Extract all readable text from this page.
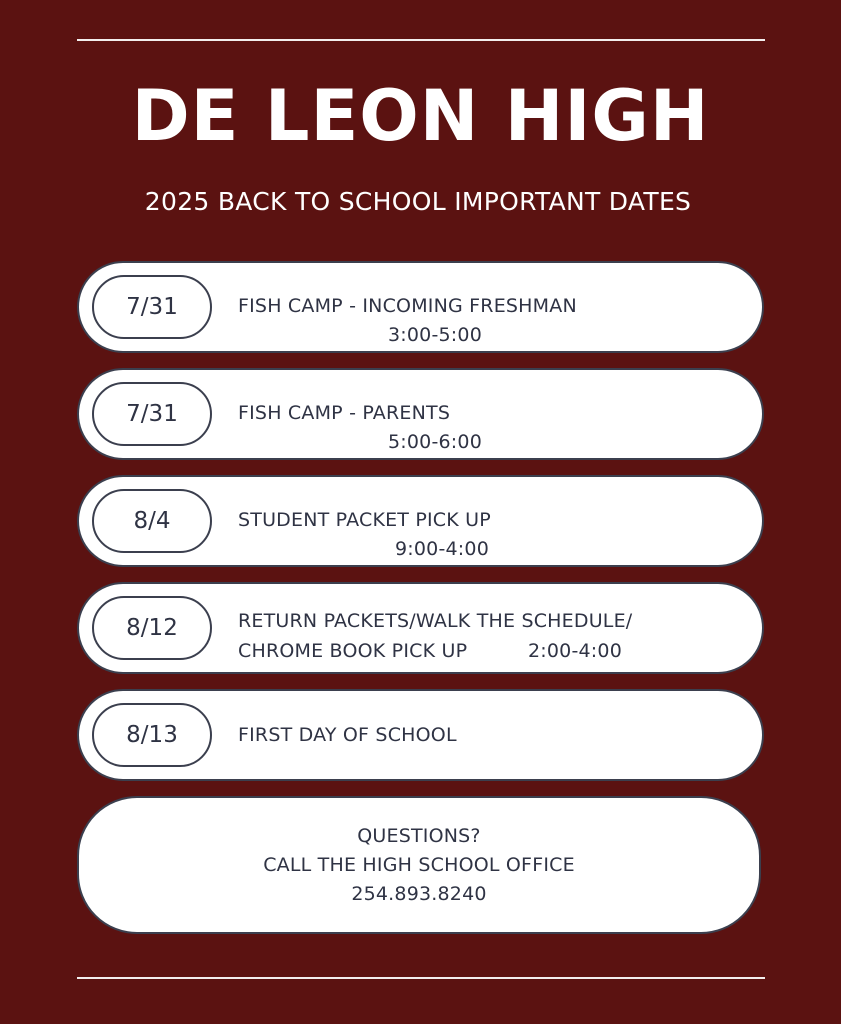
DE LEON HIGH
2025 BACK TO SCHOOL IMPORTANT DATES
7/31	FISH CAMP - INCOMING FRESHMAN
3:00-5:00
7/31	FISH CAMP - PARENTS
5:00-6:00
8/4	STUDENT PACKET PICK UP
9:00-4:00
8/12	RETURN PACKETS/WALK THE SCHEDULE/
CHROME BOOK PICK UP	2:00-4:00
8/13	FIRST DAY OF SCHOOL
QUESTIONS?
CALL THE HIGH SCHOOL OFFICE
254.893.8240
